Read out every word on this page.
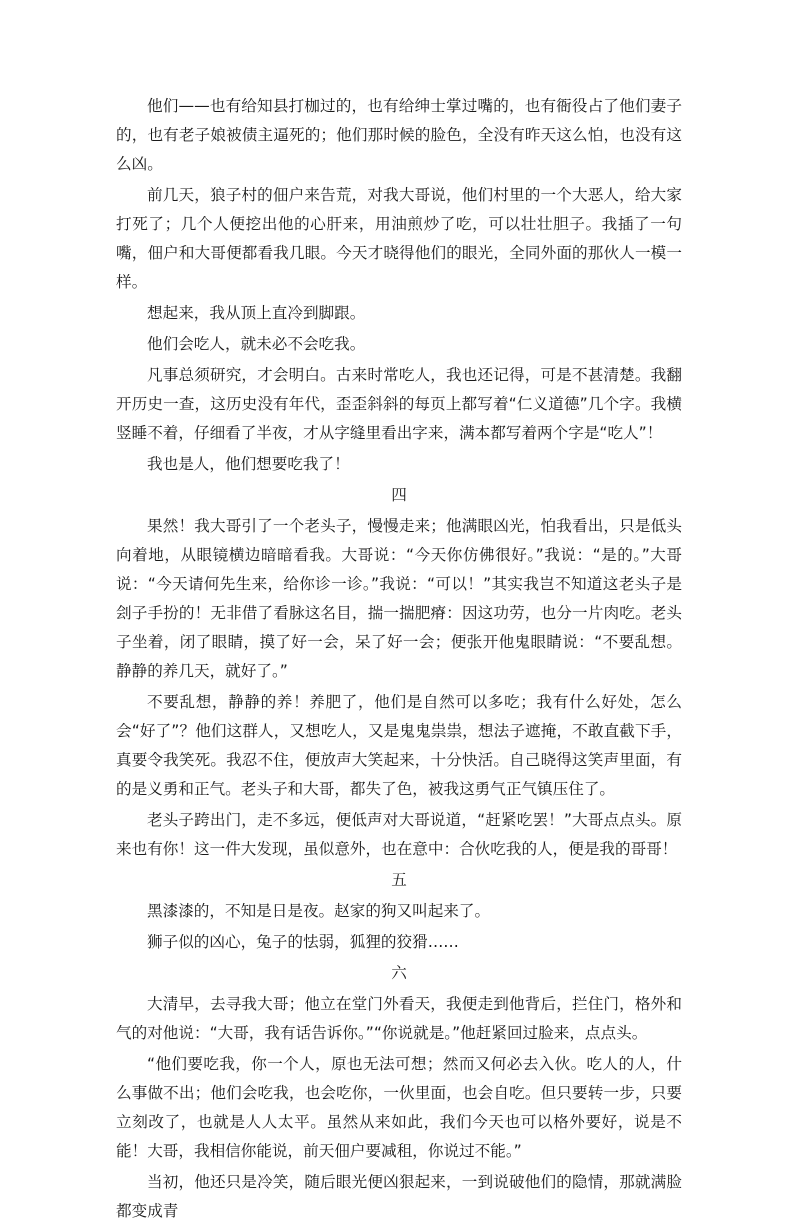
他们——也有给知县打枷过的，也有给绅士掌过嘴的，也有衙役占了他们妻子的，也有老子娘被债主逼死的；他们那时候的脸色，全没有昨天这么怕，也没有这么凶。

前几天，狼子村的佃户来告荒，对我大哥说，他们村里的一个大恶人，给大家打死了；几个人便挖出他的心肝来，用油煎炒了吃，可以壮壮胆子。我插了一句嘴，佃户和大哥便都看我几眼。今天才晓得他们的眼光，全同外面的那伙人一模一样。

想起来，我从顶上直冷到脚跟。

他们会吃人，就未必不会吃我。

凡事总须研究，才会明白。古来时常吃人，我也还记得，可是不甚清楚。我翻开历史一查，这历史没有年代，歪歪斜斜的每页上都写着“仁义道德”几个字。我横竖睡不着，仔细看了半夜，才从字缝里看出字来，满本都写着两个字是“吃人”！

我也是人，他们想要吃我了！

四

果然！我大哥引了一个老头子，慢慢走来；他满眼凶光，怕我看出，只是低头向着地，从眼镜横边暗暗看我。大哥说：“今天你仿佛很好。”我说：“是的。”大哥说：“今天请何先生来，给你诊一诊。”我说：“可以！”其实我岂不知道这老头子是刽子手扮的！无非借了看脉这名目，揣一揣肥瘠：因这功劳，也分一片肉吃。老头子坐着，闭了眼睛，摸了好一会，呆了好一会；便张开他鬼眼睛说：“不要乱想。静静的养几天，就好了。”

不要乱想，静静的养！养肥了，他们是自然可以多吃；我有什么好处，怎么会“好了”？他们这群人，又想吃人，又是鬼鬼祟祟，想法子遮掩，不敢直截下手，真要令我笑死。我忍不住，便放声大笑起来，十分快活。自己晓得这笑声里面，有的是义勇和正气。老头子和大哥，都失了色，被我这勇气正气镇压住了。

老头子跨出门，走不多远，便低声对大哥说道，“赶紧吃罢！”大哥点点头。原来也有你！这一件大发现，虽似意外，也在意中：合伙吃我的人，便是我的哥哥！

五

黑漆漆的，不知是日是夜。赵家的狗又叫起来了。

狮子似的凶心，兔子的怯弱，狐狸的狡猾……

六

大清早，去寻我大哥；他立在堂门外看天，我便走到他背后，拦住门，格外和气的对他说：“大哥，我有话告诉你。”“你说就是。”他赶紧回过脸来，点点头。

“他们要吃我，你一个人，原也无法可想；然而又何必去入伙。吃人的人，什么事做不出；他们会吃我，也会吃你，一伙里面，也会自吃。但只要转一步，只要立刻改了，也就是人人太平。虽然从来如此，我们今天也可以格外要好，说是不能！大哥，我相信你能说，前天佃户要减租，你说过不能。”

当初，他还只是冷笑，随后眼光便凶狠起来，一到说破他们的隐情，那就满脸都变成青
